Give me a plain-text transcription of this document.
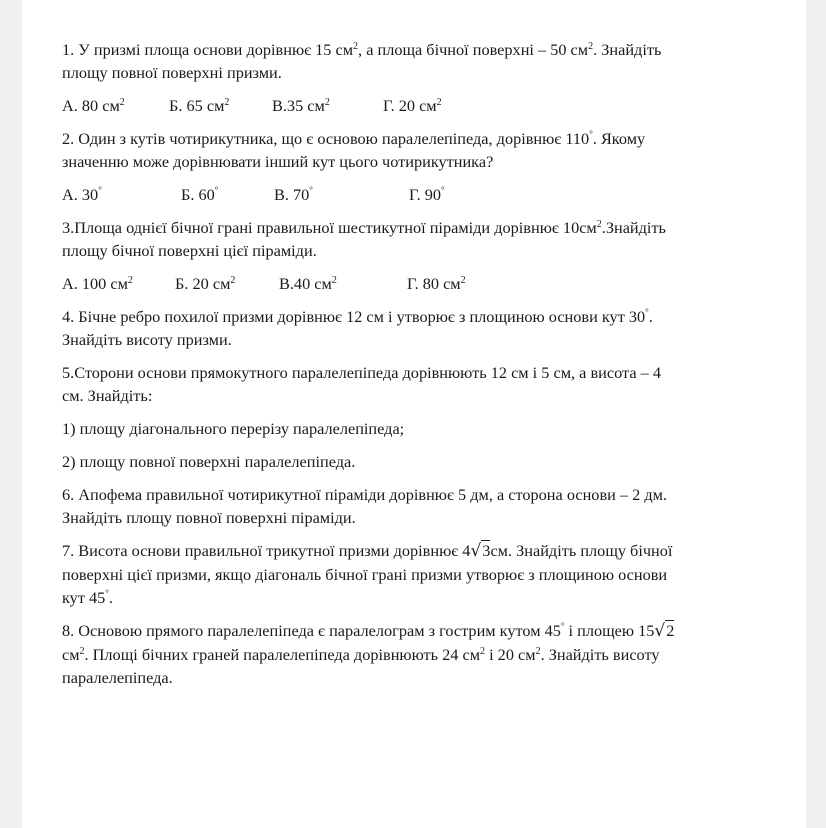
1. У призмі площа основи дорівнює 15 $см^2$, а площа бічної поверхні – 50 $см^2$. Знайдіть

площу повної поверхні призми.

А. 80 $см^2$	Б. 65 $см^2$	В.35 $см^2$	Г. 20 $см^2$

2. Один з кутів чотирикутника, що є основою паралелепіпеда, дорівнює 110°. Якому

значенню може дорівнювати інший кут цього чотирикутника?

А. 30°	Б. 60°	В. 70°	Г. 90°

3.Площа однієї бічної грані правильної шестикутної піраміди дорівнює $10см^2.Знайдіть$

площу бічної поверхні цієї піраміди.

А. 100 $см^2$	Б. 20 $см^2$	В.40 $см^2$	Г. 80 $см^2$

4. Бічне ребро похилої призми дорівнює 12 см і утворює з площиною основи кут 30°.

Знайдіть висоту призми.

5.Сторони основи прямокутного паралелепіпеда дорівнюють 12 см і 5 см, а висота – 4

см. Знайдіть:

1) площу діагонального перерізу паралелепіпеда;

2) площу повної поверхні паралелепіпеда.

6. Апофема правильної чотирикутної піраміди дорівнює 5 дм, а сторона основи – 2 дм.

Знайдіть площу повної поверхні піраміди.

7. Висота основи правильної трикутної призми дорівнює 4√3см. Знайдіть площу бічної

поверхні цієї призми, якщо діагональ бічної грані призми утворює з площиною основи

кут 45°.

8. Основою прямого паралелепіпеда є паралелограм з гострим кутом 45° і площею 15√2

$см^2$. Площі бічних граней паралелепіпеда дорівнюють 24 $см^2$ і 20 $см^2$. Знайдіть висоту

паралелепіпеда.
